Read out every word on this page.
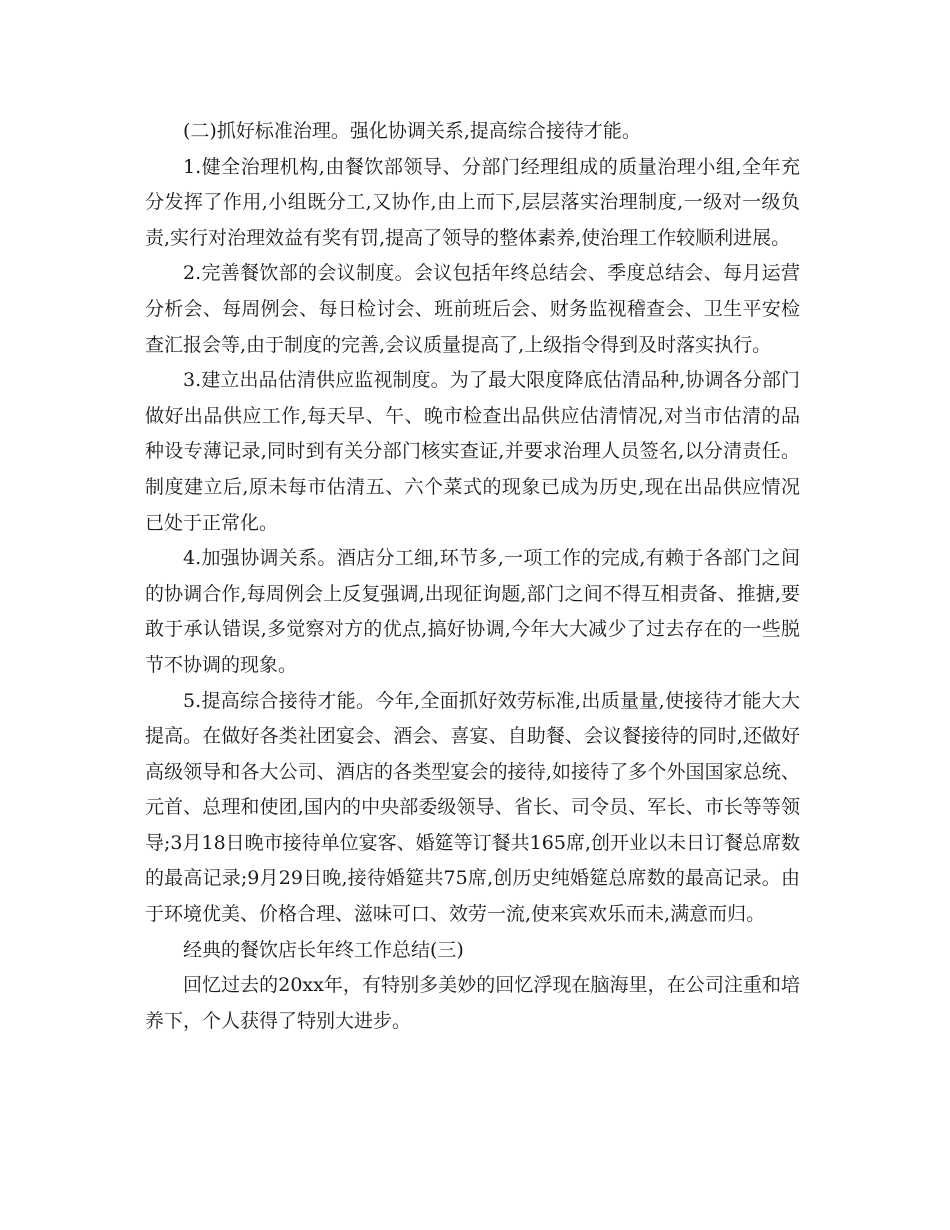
(二)抓好标准治理。强化协调关系,提高综合接待才能。

1.健全治理机构,由餐饮部领导、分部门经理组成的质量治理小组,全年充分发挥了作用,小组既分工,又协作,由上而下,层层落实治理制度,一级对一级负责,实行对治理效益有奖有罚,提高了领导的整体素养,使治理工作较顺利进展。

2.完善餐饮部的会议制度。会议包括年终总结会、季度总结会、每月运营分析会、每周例会、每日检讨会、班前班后会、财务监视稽查会、卫生平安检查汇报会等,由于制度的完善,会议质量提高了,上级指令得到及时落实执行。

3.建立出品估清供应监视制度。为了最大限度降底估清品种,协调各分部门做好出品供应工作,每天早、午、晚市检查出品供应估清情况,对当市估清的品种设专薄记录,同时到有关分部门核实查证,并要求治理人员签名,以分清责任。制度建立后,原未每市估清五、六个菜式的现象已成为历史,现在出品供应情况已处于正常化。

4.加强协调关系。酒店分工细,环节多,一项工作的完成,有赖于各部门之间的协调合作,每周例会上反复强调,出现征询题,部门之间不得互相责备、推搪,要敢于承认错误,多觉察对方的优点,搞好协调,今年大大减少了过去存在的一些脱节不协调的现象。

5.提高综合接待才能。今年,全面抓好效劳标准,出质量量,使接待才能大大提高。在做好各类社团宴会、酒会、喜宴、自助餐、会议餐接待的同时,还做好高级领导和各大公司、酒店的各类型宴会的接待,如接待了多个外国国家总统、元首、总理和使团,国内的中央部委级领导、省长、司令员、军长、市长等等领导;3月18日晚市接待单位宴客、婚筵等订餐共165席,创开业以未日订餐总席数的最高记录;9月29日晚,接待婚筵共75席,创历史纯婚筵总席数的最高记录。由于环境优美、价格合理、滋味可口、效劳一流,使来宾欢乐而未,满意而归。

经典的餐饮店长年终工作总结(三)

回忆过去的20xx年，有特别多美妙的回忆浮现在脑海里，在公司注重和培养下，个人获得了特别大进步。
